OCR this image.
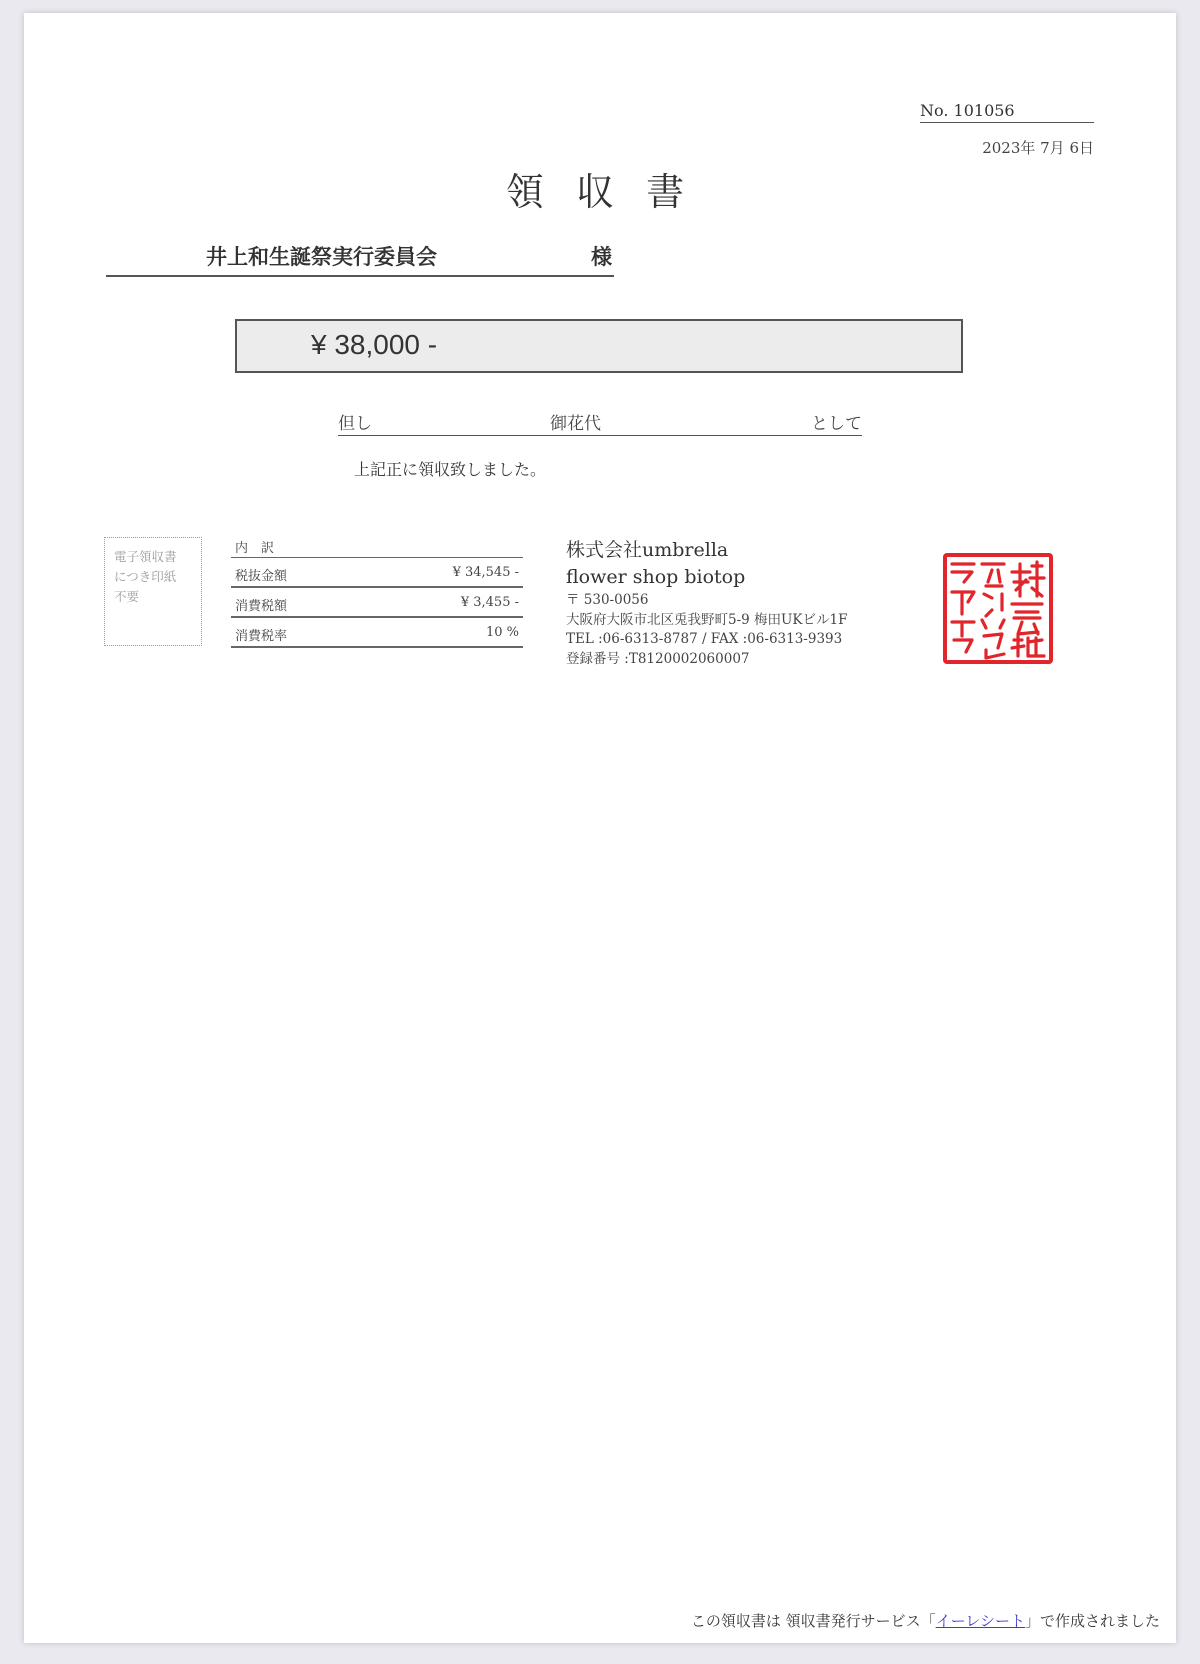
No. 101056
2023年 7月 6日
領 収 書
井上和生誕祭実行委員会	様
¥ 38,000 -
但し	御花代	として
上記正に領収致しました。
電子領収書
につき印紙
不要
内　訳
税抜金額	¥ 34,545 -
消費税額	¥ 3,455 -
消費税率	10 %
株式会社umbrella
flower shop biotop
〒 530-0056
大阪府大阪市北区兎我野町5-9 梅田UKビル1F
TEL :06-6313-8787 / FAX :06-6313-9393
登録番号 :T8120002060007
この領収書は 領収書発行サービス「イーレシート」で作成されました
